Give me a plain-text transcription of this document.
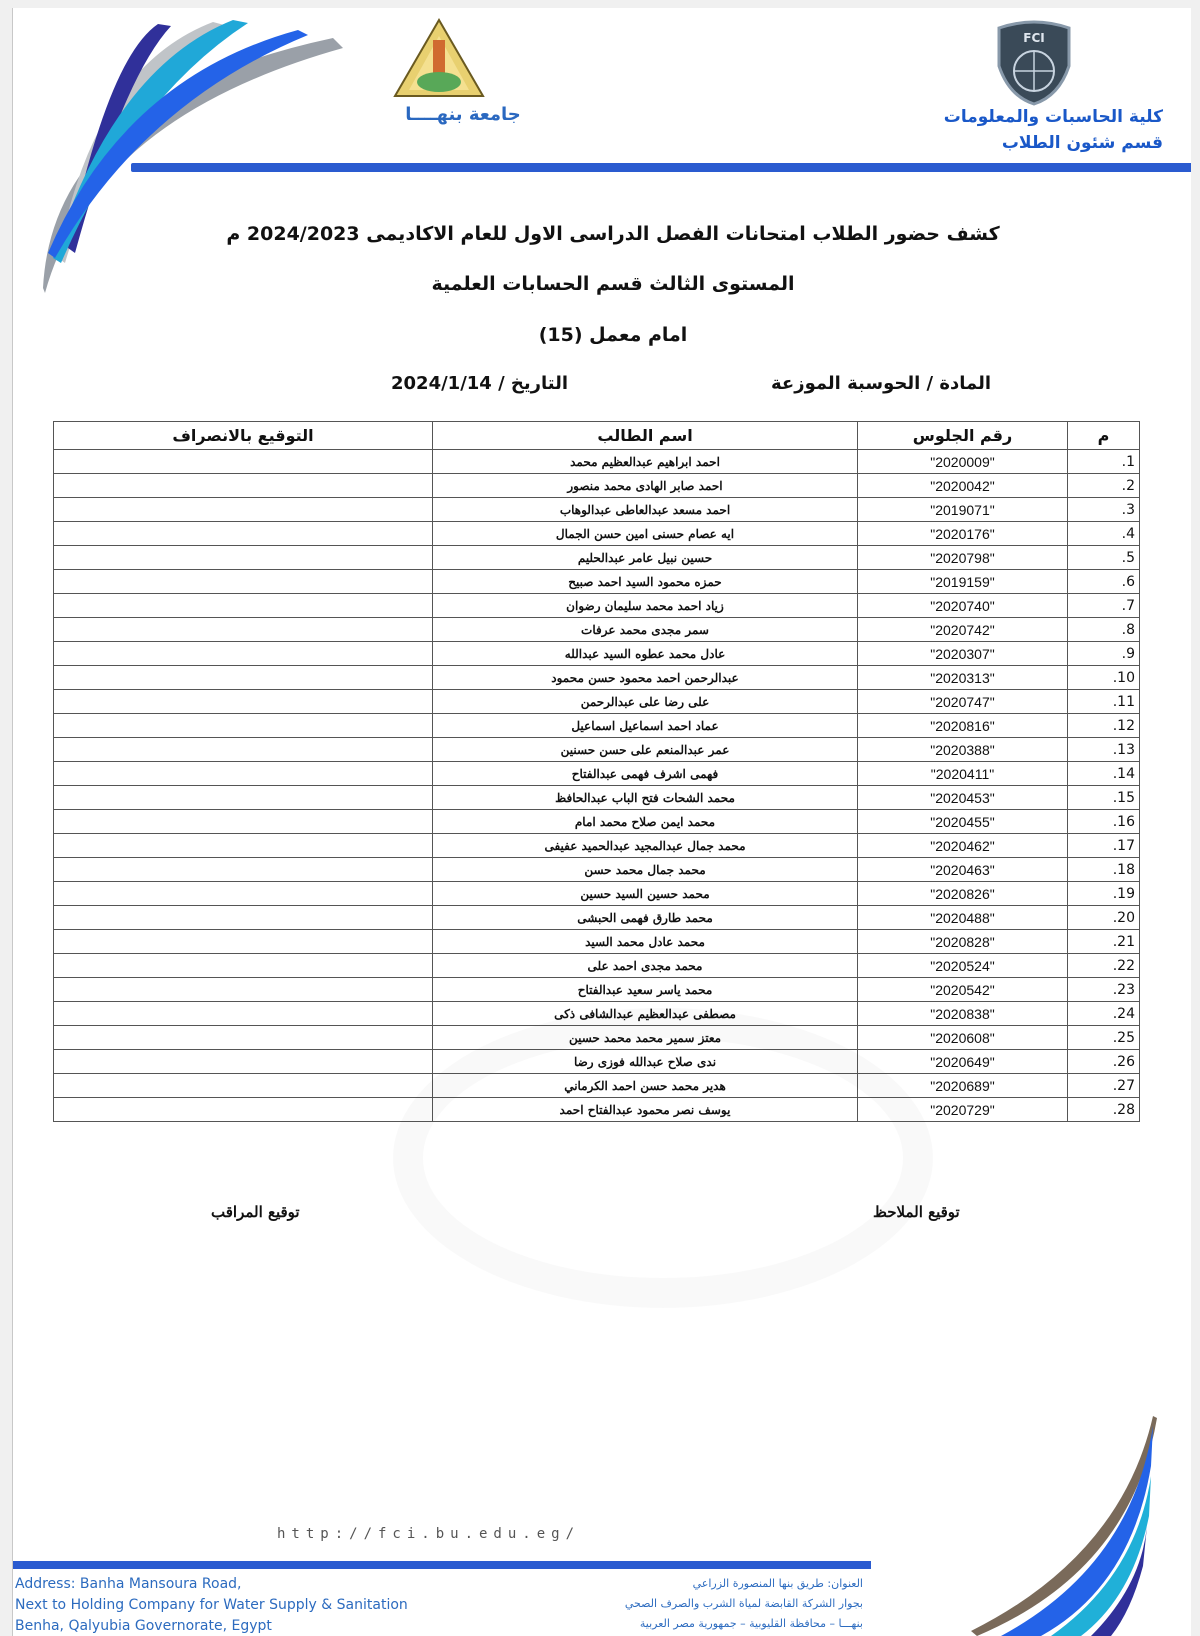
FCI
كلية الحاسبات والمعلومات
قسم شئون الطلاب
جامعة بنهــــا
كشف حضور الطلاب امتحانات الفصل الدراسى الاول للعام الاكاديمى 2024/2023 م
المستوى الثالث قسم الحسابات العلمية
امام معمل (15)
المادة / الحوسبة الموزعة
التاريخ / 2024/1/14
م	رقم الجلوس	اسم الطالب	التوقيع بالانصراف
1.	"2020009"	احمد ابراهيم عبدالعظيم محمد	
2.	"2020042"	احمد صابر الهادى محمد منصور	
3.	"2019071"	احمد مسعد عبدالعاطى عبدالوهاب	
4.	"2020176"	ايه عصام حسنى امين حسن الجمال	
5.	"2020798"	حسين نبيل عامر عبدالحليم	
6.	"2019159"	حمزه محمود السيد احمد صبيح	
7.	"2020740"	زياد احمد محمد سليمان رضوان	
8.	"2020742"	سمر مجدى محمد عرفات	
9.	"2020307"	عادل محمد عطوه السيد عبدالله	
10.	"2020313"	عبدالرحمن احمد محمود حسن محمود	
11.	"2020747"	على رضا على عبدالرحمن	
12.	"2020816"	عماد احمد اسماعيل اسماعيل	
13.	"2020388"	عمر عبدالمنعم على حسن حسنين	
14.	"2020411"	فهمى اشرف فهمى عبدالفتاح	
15.	"2020453"	محمد الشحات فتح الباب عبدالحافظ	
16.	"2020455"	محمد ايمن صلاح محمد امام	
17.	"2020462"	محمد جمال عبدالمجيد عبدالحميد عفيفى	
18.	"2020463"	محمد جمال محمد حسن	
19.	"2020826"	محمد حسين السيد حسين	
20.	"2020488"	محمد طارق فهمى الحبشى	
21.	"2020828"	محمد عادل محمد السيد	
22.	"2020524"	محمد مجدى احمد على	
23.	"2020542"	محمد ياسر سعيد عبدالفتاح	
24.	"2020838"	مصطفى عبدالعظيم عبدالشافى ذكى	
25.	"2020608"	معتز سمير محمد محمد حسين	
26.	"2020649"	ندى صلاح عبدالله فوزى رضا	
27.	"2020689"	هدير محمد حسن احمد الكرماني	
28.	"2020729"	يوسف نصر محمود عبدالفتاح احمد	
توقيع الملاحظ
توقيع المراقب
http://fci.bu.edu.eg/
Address: Banha Mansoura Road,
Next to Holding Company for Water Supply & Sanitation
Benha, Qalyubia Governorate, Egypt
العنوان: طريق بنها المنصورة الزراعي
بجوار الشركة القابضة لمياة الشرب والصرف الصحي
بنهـــا – محافظة القليوبية – جمهورية مصر العربية
